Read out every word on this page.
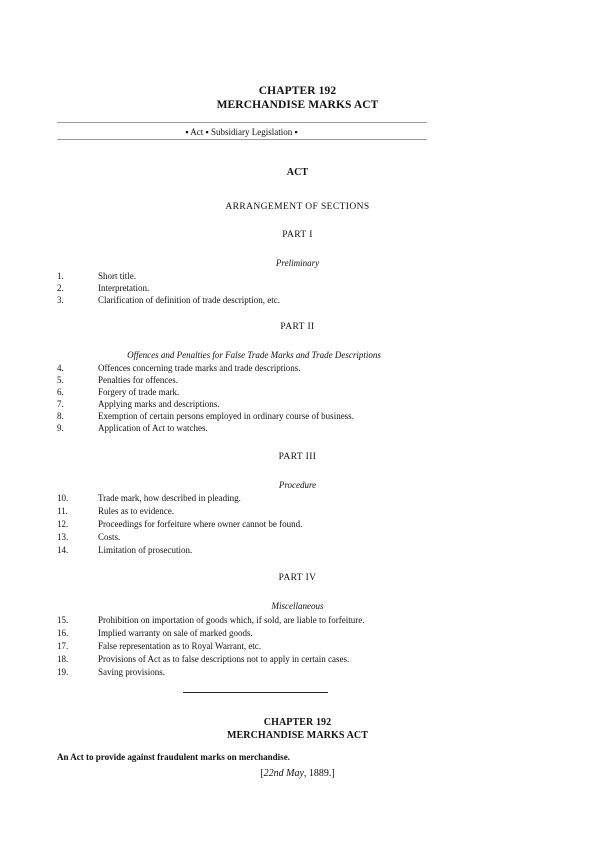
CHAPTER 192
MERCHANDISE MARKS ACT
▪ Act ▪ Subsidiary Legislation ▪
ACT
ARRANGEMENT OF SECTIONS
PART I
Preliminary
1.	Short title.
2.	Interpretation.
3.	Clarification of definition of trade description, etc.
PART II
Offences and Penalties for False Trade Marks and Trade Descriptions
4.	Offences concerning trade marks and trade descriptions.
5.	Penalties for offences.
6.	Forgery of trade mark.
7.	Applying marks and descriptions.
8.	Exemption of certain persons employed in ordinary course of business.
9.	Application of Act to watches.
PART III
Procedure
10.	Trade mark, how described in pleading.
11.	Rules as to evidence.
12.	Proceedings for forfeiture where owner cannot be found.
13.	Costs.
14.	Limitation of prosecution.
PART IV
Miscellaneous
15.	Prohibition on importation of goods which, if sold, are liable to forfeiture.
16.	Implied warranty on sale of marked goods.
17.	False representation as to Royal Warrant, etc.
18.	Provisions of Act as to false descriptions not to apply in certain cases.
19.	Saving provisions.
CHAPTER 192
MERCHANDISE MARKS ACT
An Act to provide against fraudulent marks on merchandise.
[22nd May, 1889.]
